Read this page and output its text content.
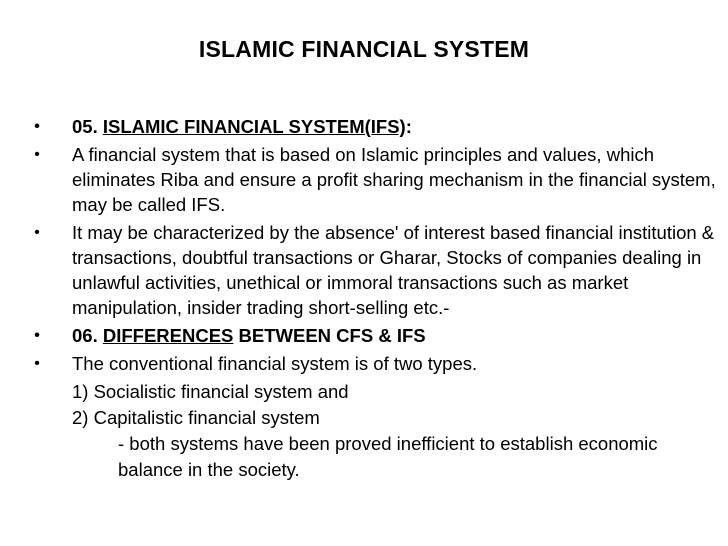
ISLAMIC FINANCIAL SYSTEM
• 05. ISLAMIC FINANCIAL SYSTEM(IFS):
• A financial system that is based on Islamic principles and values, which eliminates Riba and ensure a profit sharing mechanism in the financial system, may be called IFS.
• It may be characterized by the absence' of interest based financial institution & transactions, doubtful transactions or Gharar, Stocks of companies dealing in unlawful activities, unethical or immoral transactions such as market manipulation, insider trading short-selling etc.-
• 06. DIFFERENCES BETWEEN CFS & IFS
• The conventional financial system is of two types.
1) Socialistic financial system and
2) Capitalistic financial system
- both systems have been proved inefficient to establish economic balance in the society.
